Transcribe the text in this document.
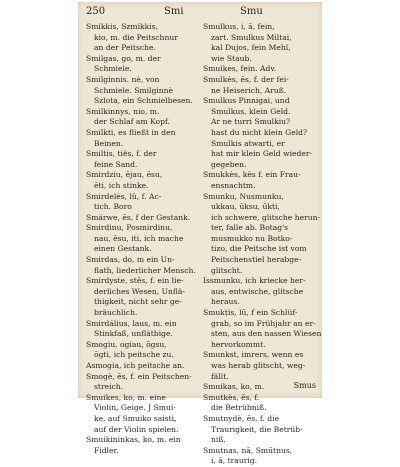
250	Smi	Smu
Smikkis, Szmikkis,
kio, m. die Peitschnur
an der Peitsche.
Smilgas, go, m. der
Schmiele.
Smilginnis. nè, von
Schmiele. Smilginnè
Szlota, ein Schmielbesen.
Smilkinnys, nio, m.
der Schlaf am Kopf.
Smilkti, es fließt in den
Beinen.
Smiltis, tiës, f. der
feine Sand.
Smirdziu, ējau, ēsu,
ēti, ich stinke.
Smirdelès, lû, f. Ac-
tich. Boro
Smárwe, ēs, f der Gestank.
Smirdinu, Posmirdinu,
nau, ēsu, iti, ich mache
einen Gestank.
Smirdas, do, m ein Un-
flath, liederlicher Mensch.
Smirdyste, stēs, f. ein lie-
derliches Wesen, Unflä-
thigkeit, nicht sehr ge-
bräuchlich.
Smirdálius, laus, m. ein
Stinkfaß, unflätbige.
Smogiu, ogiau, ōgsu,
ōgti, ich peitsche zu.
Asmogia, ich peitsche an.
Smogè, ēs, f. ein Peitschen-
streich.
Smuikes, ko, m. eine
Violin, Geige. J Smui-
ke, auf Smuiko saisti,
auf der Violin spielen.
Smuikininkas, ko, m. ein
Fidler.
Smulkus, i, ā, fein,
zart. Smulkus Miltai,
kal Dujos, fein Mehl,
wie Staub.
Smuikes, fein. Adv.
Smulkès, ēs, f. der fei-
ne Heiserich, Aruß.
Smulkus Pinnigai, und
Smulkus, klein Geld.
Ar ne turri Smulkiu?
hast du nicht klein Geld?
Smulkis atwarti, er
hat mir klein Geld wieder-
gegeben.
Smukkès, kēs f. ein Frau-
ensnachtm.
Smunku, Nusmunku,
ukkau, ūksu, ūkti,
ich schwere, glitsche herun-
ter, falle ab. Botag's
musmukko nu Botko-
tizo, die Peitsche ist vom
Peitschenstiel herabge-
glitscht.
Issmunku, ich kriecke her-
aus, entwische, glitsche
heraus.
Smukțis, lû, f ein Schlüf-
grab, so im Frühjahr an er-
sten, aus den nassen Wiesen
hervorkommt.
Smunkst, imrers, wenn es
was herab glitscht, weg-
fällt.
Smuikas, ko, m.
Smutkès, ēs, f.
die Betrübniß.
Smutnydè, ēs, f. die
Traurigkeit, die Betrüb-
niß.
Smutnas, nā, Smūtnus,
i, ā, traurig.
Smus
